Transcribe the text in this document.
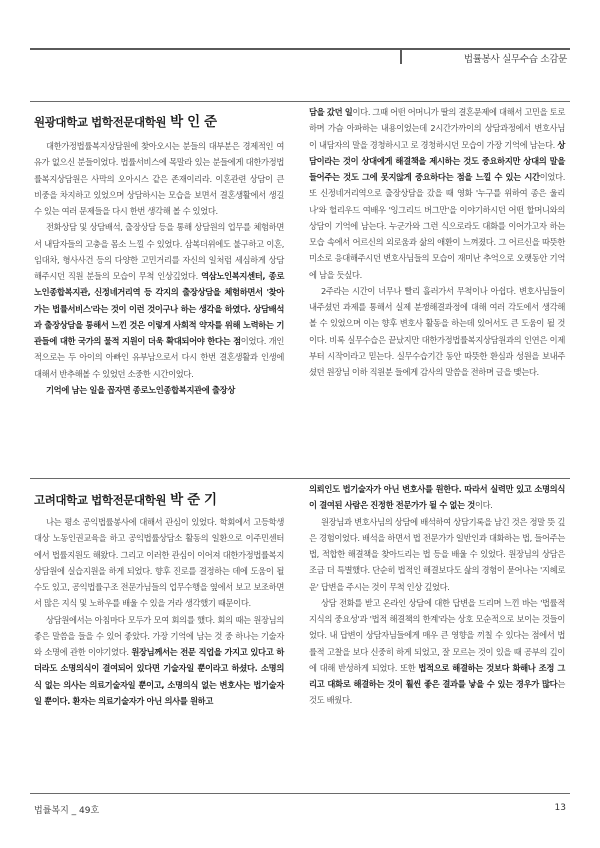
법률봉사 실무수습 소감문
원광대학교 법학전문대학원 박 인 준

대한가정법률복지상담원에 찾아오시는 분들의 대부분은 경제적인 여유가 없으신 분들이었다. 법률서비스에 목말라 있는 분들에게 대한가정법률복지상담원은 사막의 오아시스 같은 존재이리라. 이혼관련 상담이 큰 비중을 차지하고 있었으며 상담하시는 모습을 보면서 결혼생활에서 생길 수 있는 여러 문제들을 다시 한번 생각해 볼 수 있었다.

전화상담 및 상담배석, 출장상담 등을 통해 상담원의 업무를 체험하면서 내담자들의 고충을 몸소 느낄 수 있었다. 삼복더위에도 불구하고 이혼, 임대차, 형사사건 등의 다양한 고민거리를 자신의 일처럼 세심하게 상담해주시던 직원 분들의 모습이 무척 인상깊었다. 역삼노인복지센터, 종로노인종합복지관, 신정네거리역 등 각지의 출장상담을 체험하면서 '찾아가는 법률서비스'라는 것이 이런 것이구나 하는 생각을 하였다. 상담배석과 출장상담을 통해서 느낀 것은 이렇게 사회적 약자를 위해 노력하는 기관들에 대한 국가의 물적 지원이 더욱 확대되어야 한다는 점이었다. 개인적으로는 두 아이의 아빠인 유부남으로서 다시 한번 결혼생활과 인생에 대해서 반추해볼 수 있었던 소중한 시간이었다.

기억에 남는 일을 꼽자면 종로노인종합복지관에 출장상

담을 갔던 일이다. 그때 어떤 어머니가 딸의 결혼문제에 대해서 고민을 토로하며 가슴 아파하는 내용이었는데 2시간가까이의 상담과정에서 변호사님이 내담자의 말을 경청하시고 로 경청하시던 모습이 가장 기억에 남는다. 상담이라는 것이 상대에게 해결책을 제시하는 것도 중요하지만 상대의 말을 들어주는 것도 그에 못지않게 중요하다는 점을 느낄 수 있는 시간이었다. 또 신정네거리역으로 출장상담을 갔을 때 영화 '누구를 위하여 종은 울리나'와 헐리우드 여배우 '잉그리드 버그만'을 이야기하시던 어떤 할머니와의 상담이 기억에 남는다. 누군가와 그런 식으로라도 대화를 이어가고자 하는 모습 속에서 어르신의 외로움과 삶의 애환이 느껴졌다. 그 어르신을 따뜻한 미소로 응대해주시던 변호사님들의 모습이 재미난 추억으로 오랫동안 기억에 남을 듯싶다.

2주라는 시간이 너무나 빨리 흘러가서 무척이나 아쉽다. 변호사님들이 내주셨던 과제를 통해서 실제 분쟁해결과정에 대해 여러 각도에서 생각해 볼 수 있었으며 이는 향후 변호사 활동을 하는데 있어서도 큰 도움이 될 것이다. 비록 실무수습은 끝났지만 대한가정법률복지상담원과의 인연은 이제부터 시작이라고 믿는다. 실무수습기간 동안 따뜻한 환심과 성원을 보내주셨던 원장님 이하 직원분 들에게 감사의 말씀을 전하며 글을 맺는다.

고려대학교 법학전문대학원 박 준 기

나는 평소 공익법률봉사에 대해서 관심이 있었다. 학회에서 고등학생 대상 노동인권교육을 하고 공익법률상담소 활동의 일환으로 이주민센터에서 법률지원도 해왔다. 그리고 이러한 관심이 이어져 대한가정법률복지상담원에 실습지원을 하게 되었다. 향후 진로를 결정하는 데에 도움이 될 수도 있고, 공익법률구조 전문가님들의 업무수행을 옆에서 보고 보조하면서 많은 지식 및 노하우를 배울 수 있을 거라 생각했기 때문이다.

상담원에서는 아침마다 모두가 모여 회의를 했다. 회의 때는 원장님의 좋은 말씀을 들을 수 있어 좋았다. 가장 기억에 남는 것 중 하나는 기술자와 소명에 관한 이야기였다. 원장님께서는 전문 직업을 가지고 있다고 하더라도 소명의식이 결여되어 있다면 기술자일 뿐이라고 하셨다. 소명의식 없는 의사는 의료기술자일 뿐이고, 소명의식 없는 변호사는 법기술자일 뿐이다. 환자는 의료기술자가 아닌 의사를 원하고

의뢰인도 법기술자가 아닌 변호사를 원한다. 따라서 실력만 있고 소명의식이 결여된 사람은 진정한 전문가가 될 수 없는 것이다.

원장님과 변호사님의 상담에 배석하여 상담기록을 남긴 것은 정말 뜻 깊은 경험이었다. 배석을 하면서 법 전문가가 일반인과 대화하는 법, 들어주는 법, 적합한 해결책을 찾아드리는 법 등을 배울 수 있었다. 원장님의 상담은 조금 더 특별했다. 단순히 법적인 해결보다도 삶의 경험이 묻어나는 '지혜로운' 답변을 주시는 것이 무척 인상 깊었다.

상담 전화를 받고 온라인 상담에 대한 답변을 드리며 느낀 바는 '법률적 지식의 중요성'과 '법적 해결책의 한계'라는 상호 모순적으로 보이는 것들이었다. 내 답변이 상담자님들에게 매우 큰 영향을 끼칠 수 있다는 점에서 법률적 고찰을 보다 신중히 하게 되었고, 잘 모르는 것이 있을 때 공부의 깊이에 대해 반성하게 되었다. 또한 법적으로 해결하는 것보다 화해나 조정 그리고 대화로 해결하는 것이 훨씬 좋은 결과를 낳을 수 있는 경우가 많다는 것도 배웠다.

법률복지 _ 49호	13
